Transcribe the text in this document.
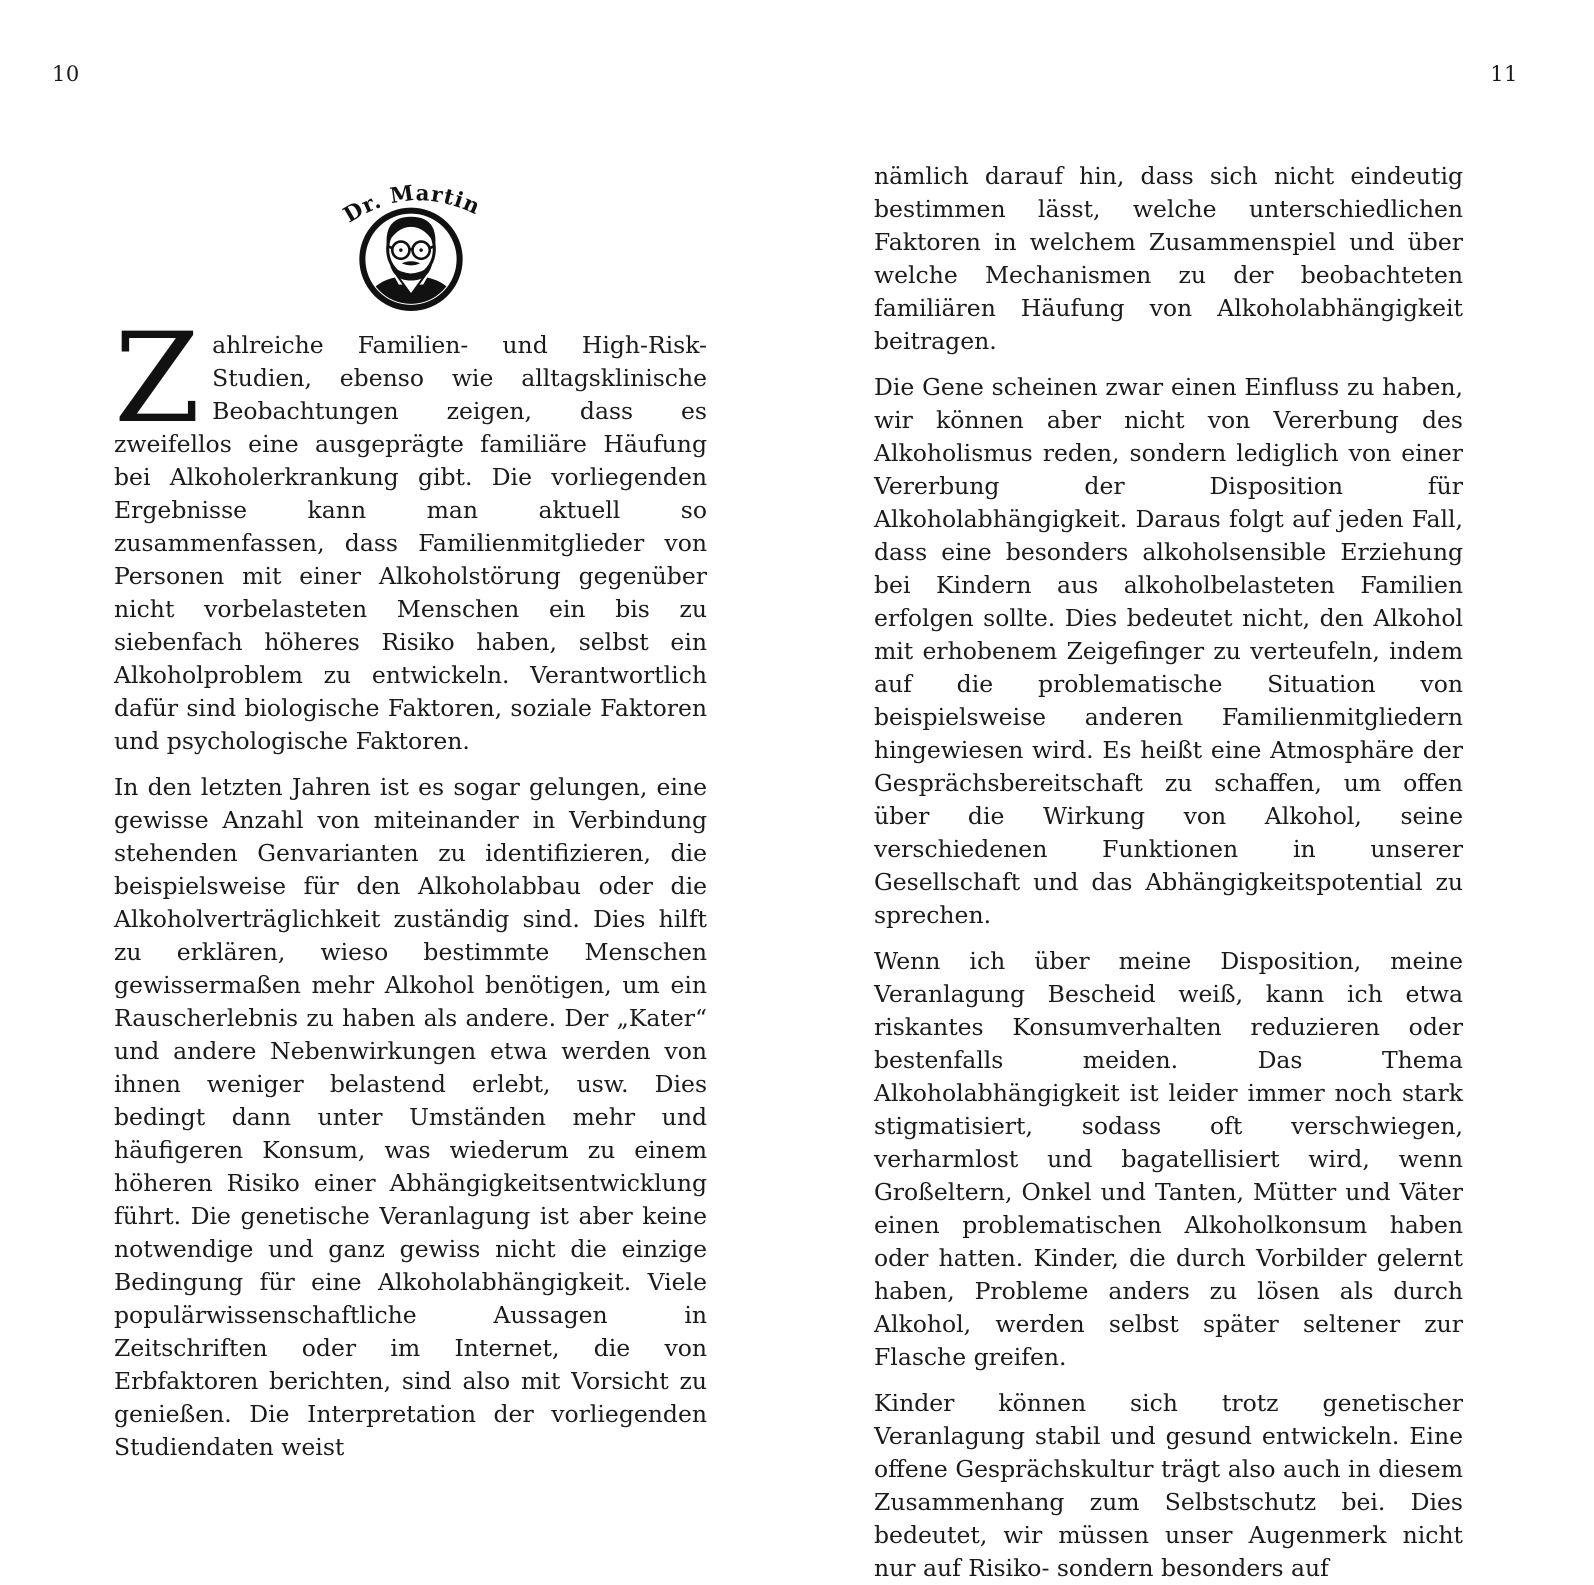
10	11
Dr. Martin

Zahlreiche Familien- und High-Risk-Studien, ebenso wie alltagsklinische Beobachtungen zeigen, dass es zweifellos eine ausgeprägte familiäre Häufung bei Alkoholerkrankung gibt. Die vorliegenden Ergebnisse kann man aktuell so zusammenfassen, dass Familienmitglieder von Personen mit einer Alkoholstörung gegenüber nicht vorbelasteten Menschen ein bis zu siebenfach höheres Risiko haben, selbst ein Alkoholproblem zu entwickeln. Verantwortlich dafür sind biologische Faktoren, soziale Faktoren und psychologische Faktoren.

In den letzten Jahren ist es sogar gelungen, eine gewisse Anzahl von miteinander in Verbindung stehenden Genvarianten zu identifizieren, die beispielsweise für den Alkoholabbau oder die Alkoholverträglichkeit zuständig sind. Dies hilft zu erklären, wieso bestimmte Menschen gewissermaßen mehr Alkohol benötigen, um ein Rauscherlebnis zu haben als andere. Der „Kater“ und andere Nebenwirkungen etwa werden von ihnen weniger belastend erlebt, usw. Dies bedingt dann unter Umständen mehr und häufigeren Konsum, was wiederum zu einem höheren Risiko einer Abhängigkeitsentwicklung führt. Die genetische Veranlagung ist aber keine notwendige und ganz gewiss nicht die einzige Bedingung für eine Alkoholabhängigkeit. Viele populärwissenschaftliche Aussagen in Zeitschriften oder im Internet, die von Erbfaktoren berichten, sind also mit Vorsicht zu genießen. Die Interpretation der vorliegenden Studiendaten weist

nämlich darauf hin, dass sich nicht eindeutig bestimmen lässt, welche unterschiedlichen Faktoren in welchem Zusammenspiel und über welche Mechanismen zu der beobachteten familiären Häufung von Alkoholabhängigkeit beitragen.

Die Gene scheinen zwar einen Einfluss zu haben, wir können aber nicht von Vererbung des Alkoholismus reden, sondern lediglich von einer Vererbung der Disposition für Alkoholabhängigkeit. Daraus folgt auf jeden Fall, dass eine besonders alkoholsensible Erziehung bei Kindern aus alkoholbelasteten Familien erfolgen sollte. Dies bedeutet nicht, den Alkohol mit erhobenem Zeigefinger zu verteufeln, indem auf die problematische Situation von beispielsweise anderen Familienmitgliedern hingewiesen wird. Es heißt eine Atmosphäre der Gesprächsbereitschaft zu schaffen, um offen über die Wirkung von Alkohol, seine verschiedenen Funktionen in unserer Gesellschaft und das Abhängigkeitspotential zu sprechen.

Wenn ich über meine Disposition, meine Veranlagung Bescheid weiß, kann ich etwa riskantes Konsumverhalten reduzieren oder bestenfalls meiden. Das Thema Alkoholabhängigkeit ist leider immer noch stark stigmatisiert, sodass oft verschwiegen, verharmlost und bagatellisiert wird, wenn Großeltern, Onkel und Tanten, Mütter und Väter einen problematischen Alkoholkonsum haben oder hatten. Kinder, die durch Vorbilder gelernt haben, Probleme anders zu lösen als durch Alkohol, werden selbst später seltener zur Flasche greifen.

Kinder können sich trotz genetischer Veranlagung stabil und gesund entwickeln. Eine offene Gesprächskultur trägt also auch in diesem Zusammenhang zum Selbstschutz bei. Dies bedeutet, wir müssen unser Augenmerk nicht nur auf Risiko- sondern besonders auf
